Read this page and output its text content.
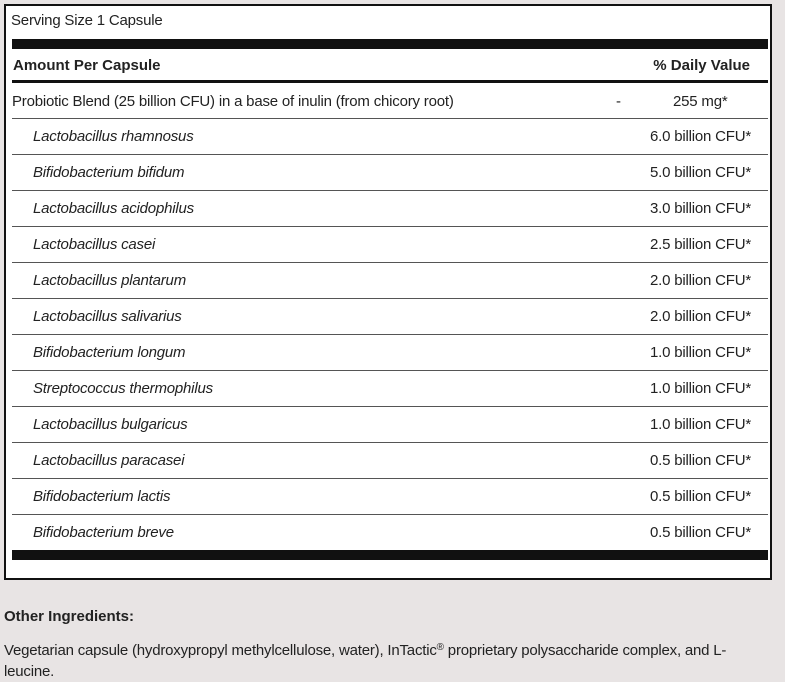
Serving Size 1 Capsule
Amount Per Capsule	% Daily Value
Probiotic Blend (25 billion CFU) in a base of inulin (from chicory root)	-	255 mg*
Lactobacillus rhamnosus	6.0 billion CFU*
Bifidobacterium bifidum	5.0 billion CFU*
Lactobacillus acidophilus	3.0 billion CFU*
Lactobacillus casei	2.5 billion CFU*
Lactobacillus plantarum	2.0 billion CFU*
Lactobacillus salivarius	2.0 billion CFU*
Bifidobacterium longum	1.0 billion CFU*
Streptococcus thermophilus	1.0 billion CFU*
Lactobacillus bulgaricus	1.0 billion CFU*
Lactobacillus paracasei	0.5 billion CFU*
Bifidobacterium lactis	0.5 billion CFU*
Bifidobacterium breve	0.5 billion CFU*
Other Ingredients:
Vegetarian capsule (hydroxypropyl methylcellulose, water), InTactic® proprietary polysaccharide complex, and L-leucine.
